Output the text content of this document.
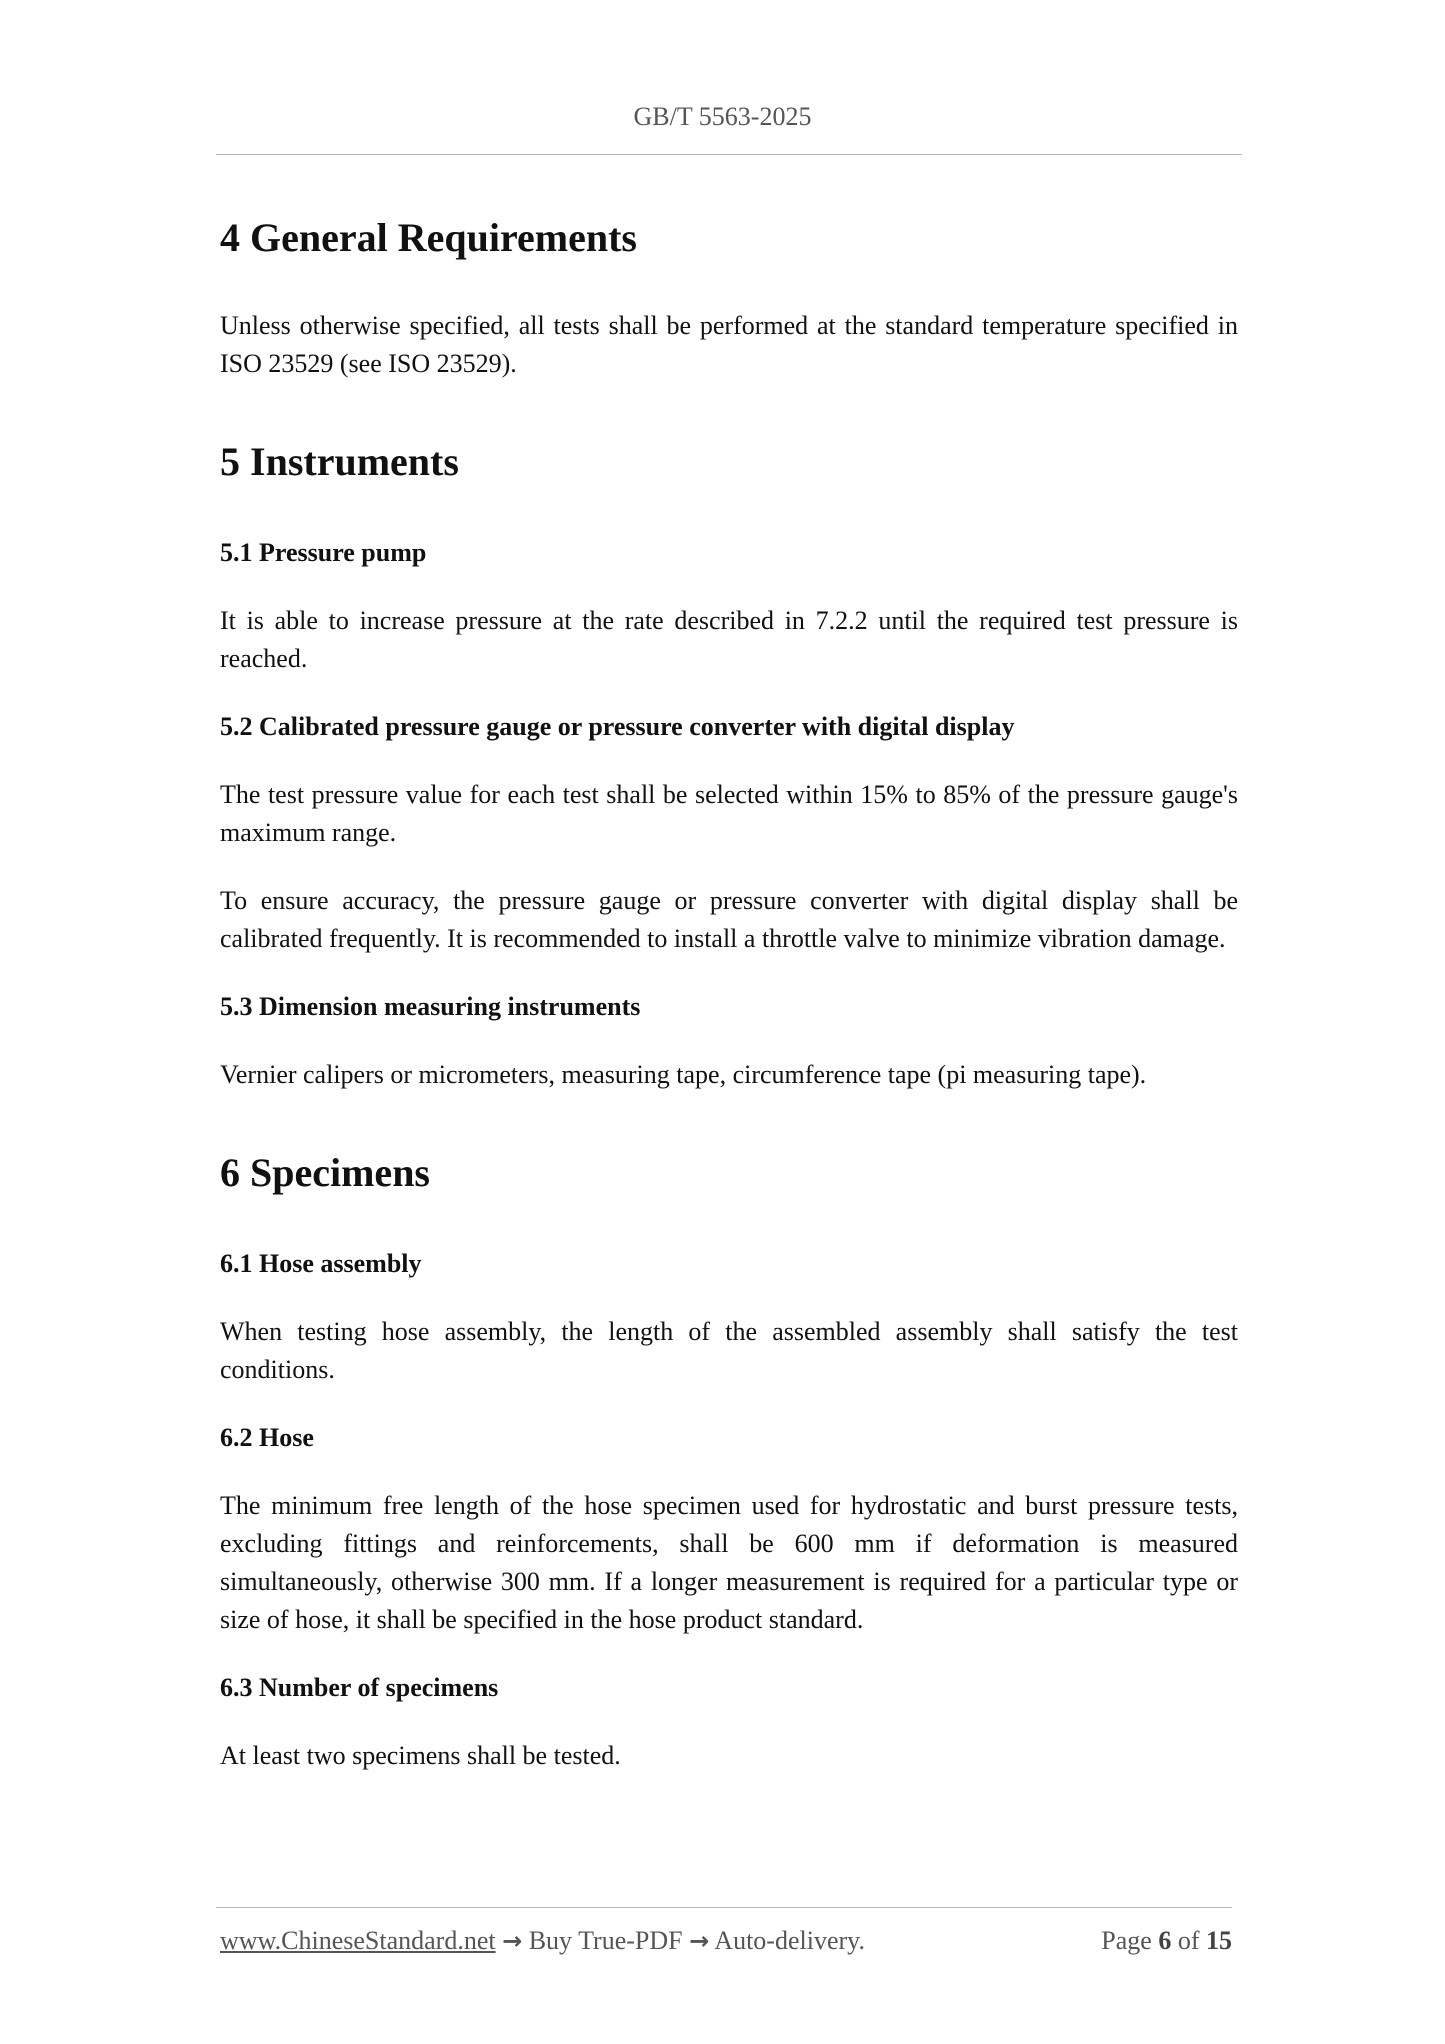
GB/T 5563-2025
4 General Requirements

Unless otherwise specified, all tests shall be performed at the standard temperature specified in ISO 23529 (see ISO 23529).

5 Instruments
5.1 Pressure pump

It is able to increase pressure at the rate described in 7.2.2 until the required test pressure is reached.

5.2 Calibrated pressure gauge or pressure converter with digital display

The test pressure value for each test shall be selected within 15% to 85% of the pressure gauge's maximum range.

To ensure accuracy, the pressure gauge or pressure converter with digital display shall be calibrated frequently. It is recommended to install a throttle valve to minimize vibration damage.

5.3 Dimension measuring instruments

Vernier calipers or micrometers, measuring tape, circumference tape (pi measuring tape).

6 Specimens
6.1 Hose assembly

When testing hose assembly, the length of the assembled assembly shall satisfy the test conditions.

6.2 Hose

The minimum free length of the hose specimen used for hydrostatic and burst pressure tests, excluding fittings and reinforcements, shall be 600 mm if deformation is measured simultaneously, otherwise 300 mm. If a longer measurement is required for a particular type or size of hose, it shall be specified in the hose product standard.

6.3 Number of specimens

At least two specimens shall be tested.

www.ChineseStandard.net → Buy True-PDF → Auto-delivery.	Page 6 of 15
